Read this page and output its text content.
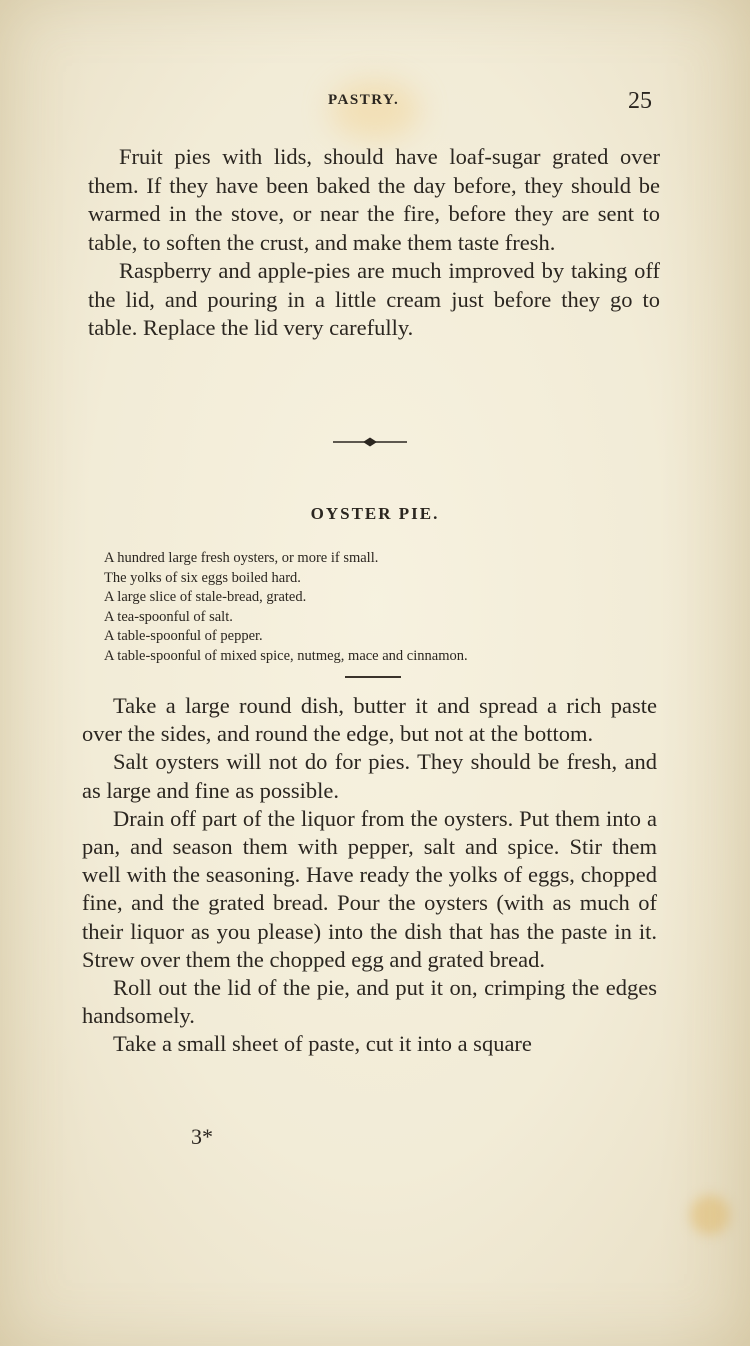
PASTRY.	25

Fruit pies with lids, should have loaf-sugar grated over them. If they have been baked the day before, they should be warmed in the stove, or near the fire, before they are sent to table, to soften the crust, and make them taste fresh.

Raspberry and apple-pies are much improved by taking off the lid, and pouring in a little cream just before they go to table. Replace the lid very carefully.

OYSTER PIE.
A hundred large fresh oysters, or more if small.
The yolks of six eggs boiled hard.
A large slice of stale-bread, grated.
A tea-spoonful of salt.
A table-spoonful of pepper.
A table-spoonful of mixed spice, nutmeg, mace and cinnamon.

Take a large round dish, butter it and spread a rich paste over the sides, and round the edge, but not at the bottom.

Salt oysters will not do for pies. They should be fresh, and as large and fine as possible.

Drain off part of the liquor from the oysters. Put them into a pan, and season them with pepper, salt and spice. Stir them well with the seasoning. Have ready the yolks of eggs, chopped fine, and the grated bread. Pour the oysters (with as much of their liquor as you please) into the dish that has the paste in it. Strew over them the chopped egg and grated bread.

Roll out the lid of the pie, and put it on, crimping the edges handsomely.

Take a small sheet of paste, cut it into a square

3*
